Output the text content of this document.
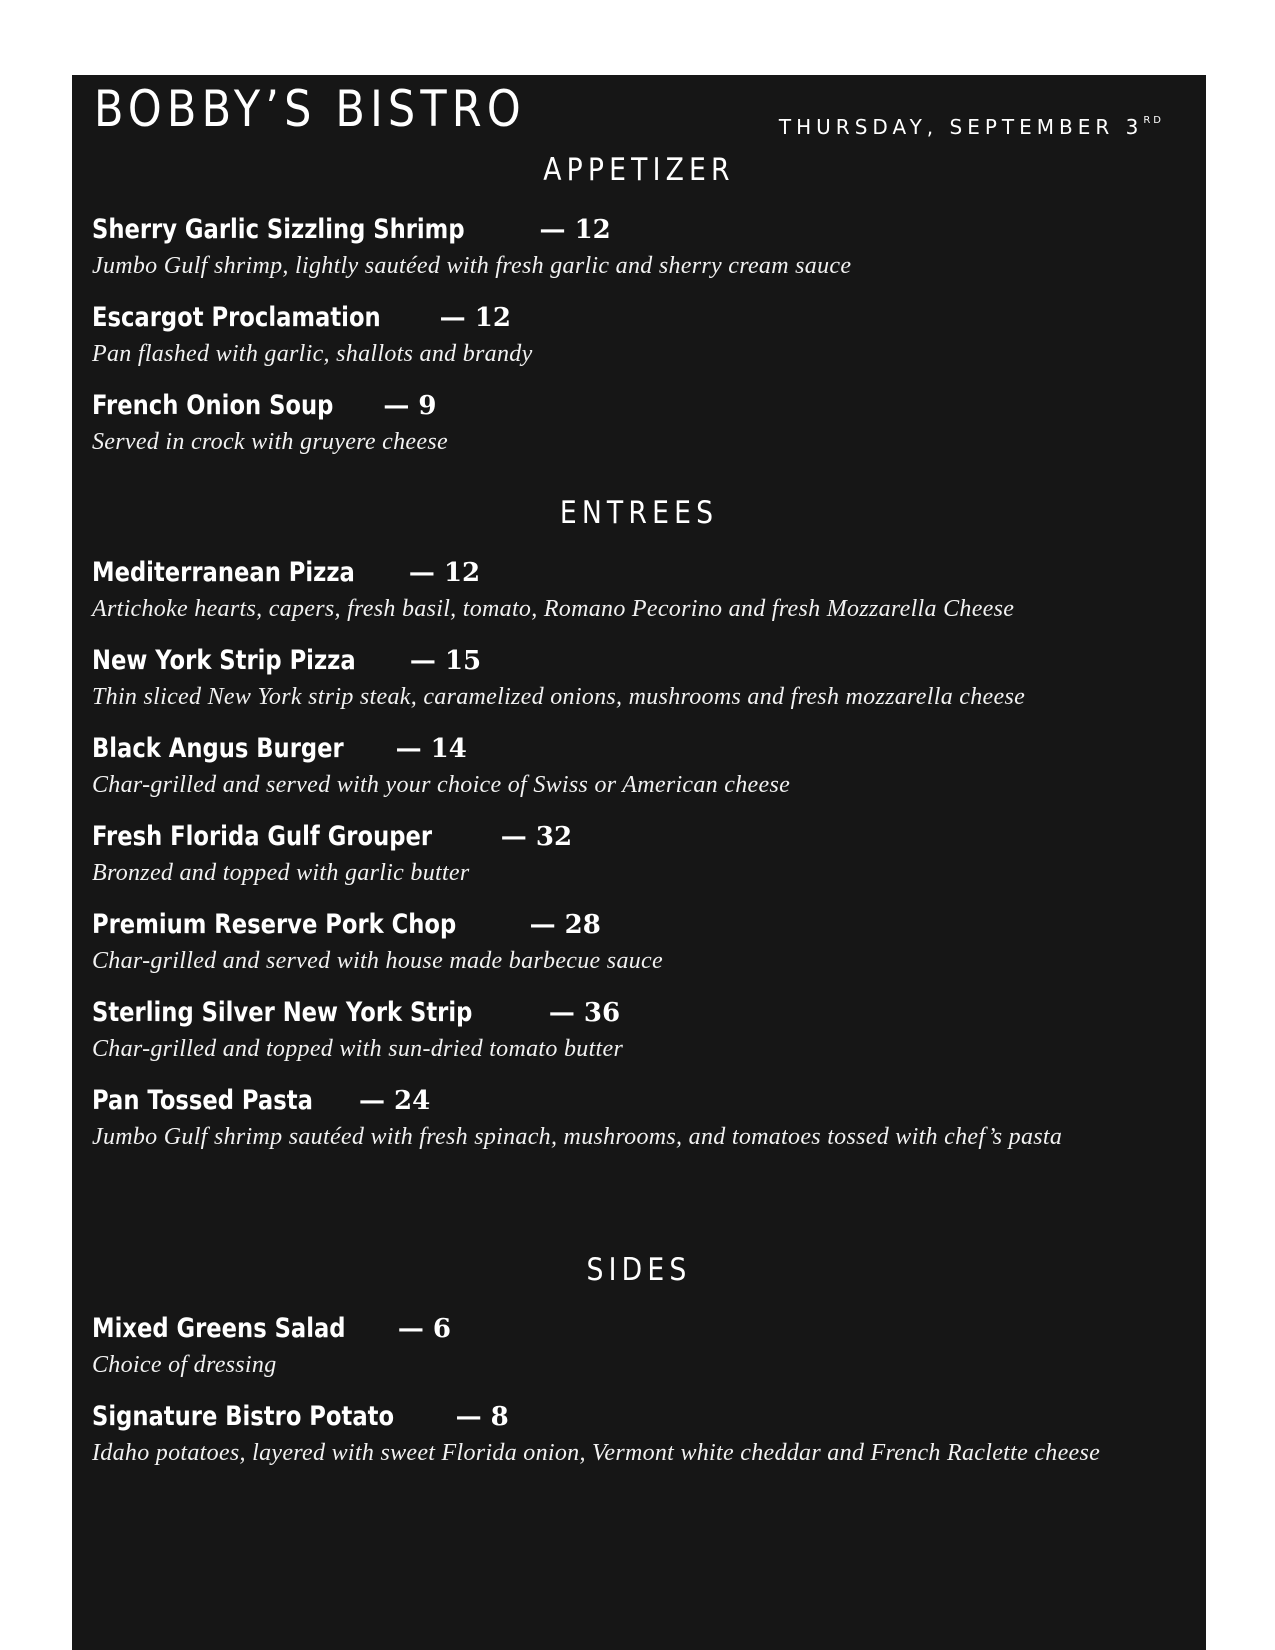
BOBBY’S BISTRO	THURSDAY, SEPTEMBER 3RD
APPETIZER
Sherry Garlic Sizzling Shrimp	— 12
Jumbo Gulf shrimp, lightly sautéed with fresh garlic and sherry cream sauce
Escargot Proclamation — 12
Pan flashed with garlic, shallots and brandy
French Onion Soup — 9
Served in crock with gruyere cheese
ENTREES
Mediterranean Pizza — 12
Artichoke hearts, capers, fresh basil, tomato, Romano Pecorino and fresh Mozzarella Cheese
New York Strip Pizza — 15
Thin sliced New York strip steak, caramelized onions, mushrooms and fresh mozzarella cheese
Black Angus Burger — 14
Char-grilled and served with your choice of Swiss or American cheese
Fresh Florida Gulf Grouper	— 32
Bronzed and topped with garlic butter
Premium Reserve Pork Chop	— 28
Char-grilled and served with house made barbecue sauce
Sterling Silver New York Strip	— 36
Char-grilled and topped with sun-dried tomato butter
Pan Tossed Pasta — 24
Jumbo Gulf shrimp sautéed with fresh spinach, mushrooms, and tomatoes tossed with chef’s pasta
SIDES
Mixed Greens Salad — 6
Choice of dressing
Signature Bistro Potato — 8
Idaho potatoes, layered with sweet Florida onion, Vermont white cheddar and French Raclette cheese
